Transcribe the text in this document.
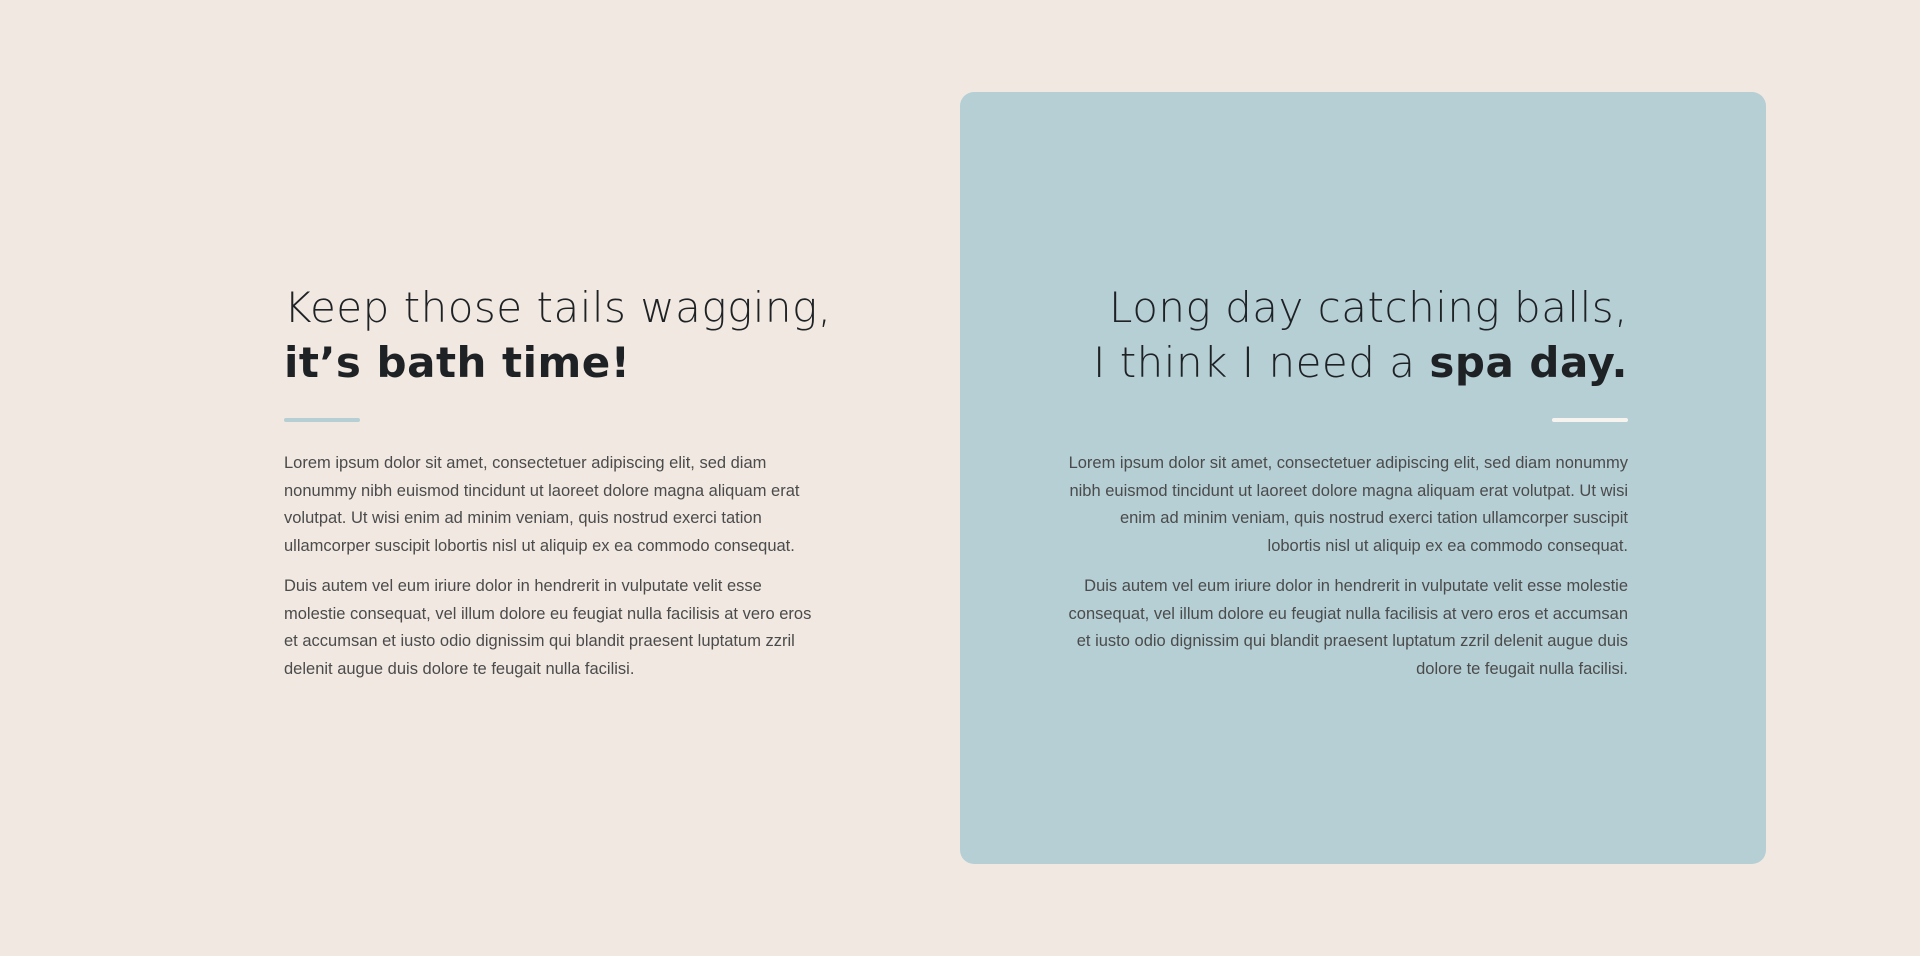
Keep those tails wagging,
it’s bath time!

Lorem ipsum dolor sit amet, consectetuer adipiscing elit, sed diam nonummy nibh euismod tincidunt ut laoreet dolore magna aliquam erat volutpat. Ut wisi enim ad minim veniam, quis nostrud exerci tation ullamcorper suscipit lobortis nisl ut aliquip ex ea commodo consequat.

Duis autem vel eum iriure dolor in hendrerit in vulputate velit esse molestie consequat, vel illum dolore eu feugiat nulla facilisis at vero eros et accumsan et iusto odio dignissim qui blandit praesent luptatum zzril delenit augue duis dolore te feugait nulla facilisi.

Long day catching balls,
I think I need a spa day.

Lorem ipsum dolor sit amet, consectetuer adipiscing elit, sed diam nonummy nibh euismod tincidunt ut laoreet dolore magna aliquam erat volutpat. Ut wisi enim ad minim veniam, quis nostrud exerci tation ullamcorper suscipit lobortis nisl ut aliquip ex ea commodo consequat.

Duis autem vel eum iriure dolor in hendrerit in vulputate velit esse molestie consequat, vel illum dolore eu feugiat nulla facilisis at vero eros et accumsan et iusto odio dignissim qui blandit praesent luptatum zzril delenit augue duis dolore te feugait nulla facilisi.
